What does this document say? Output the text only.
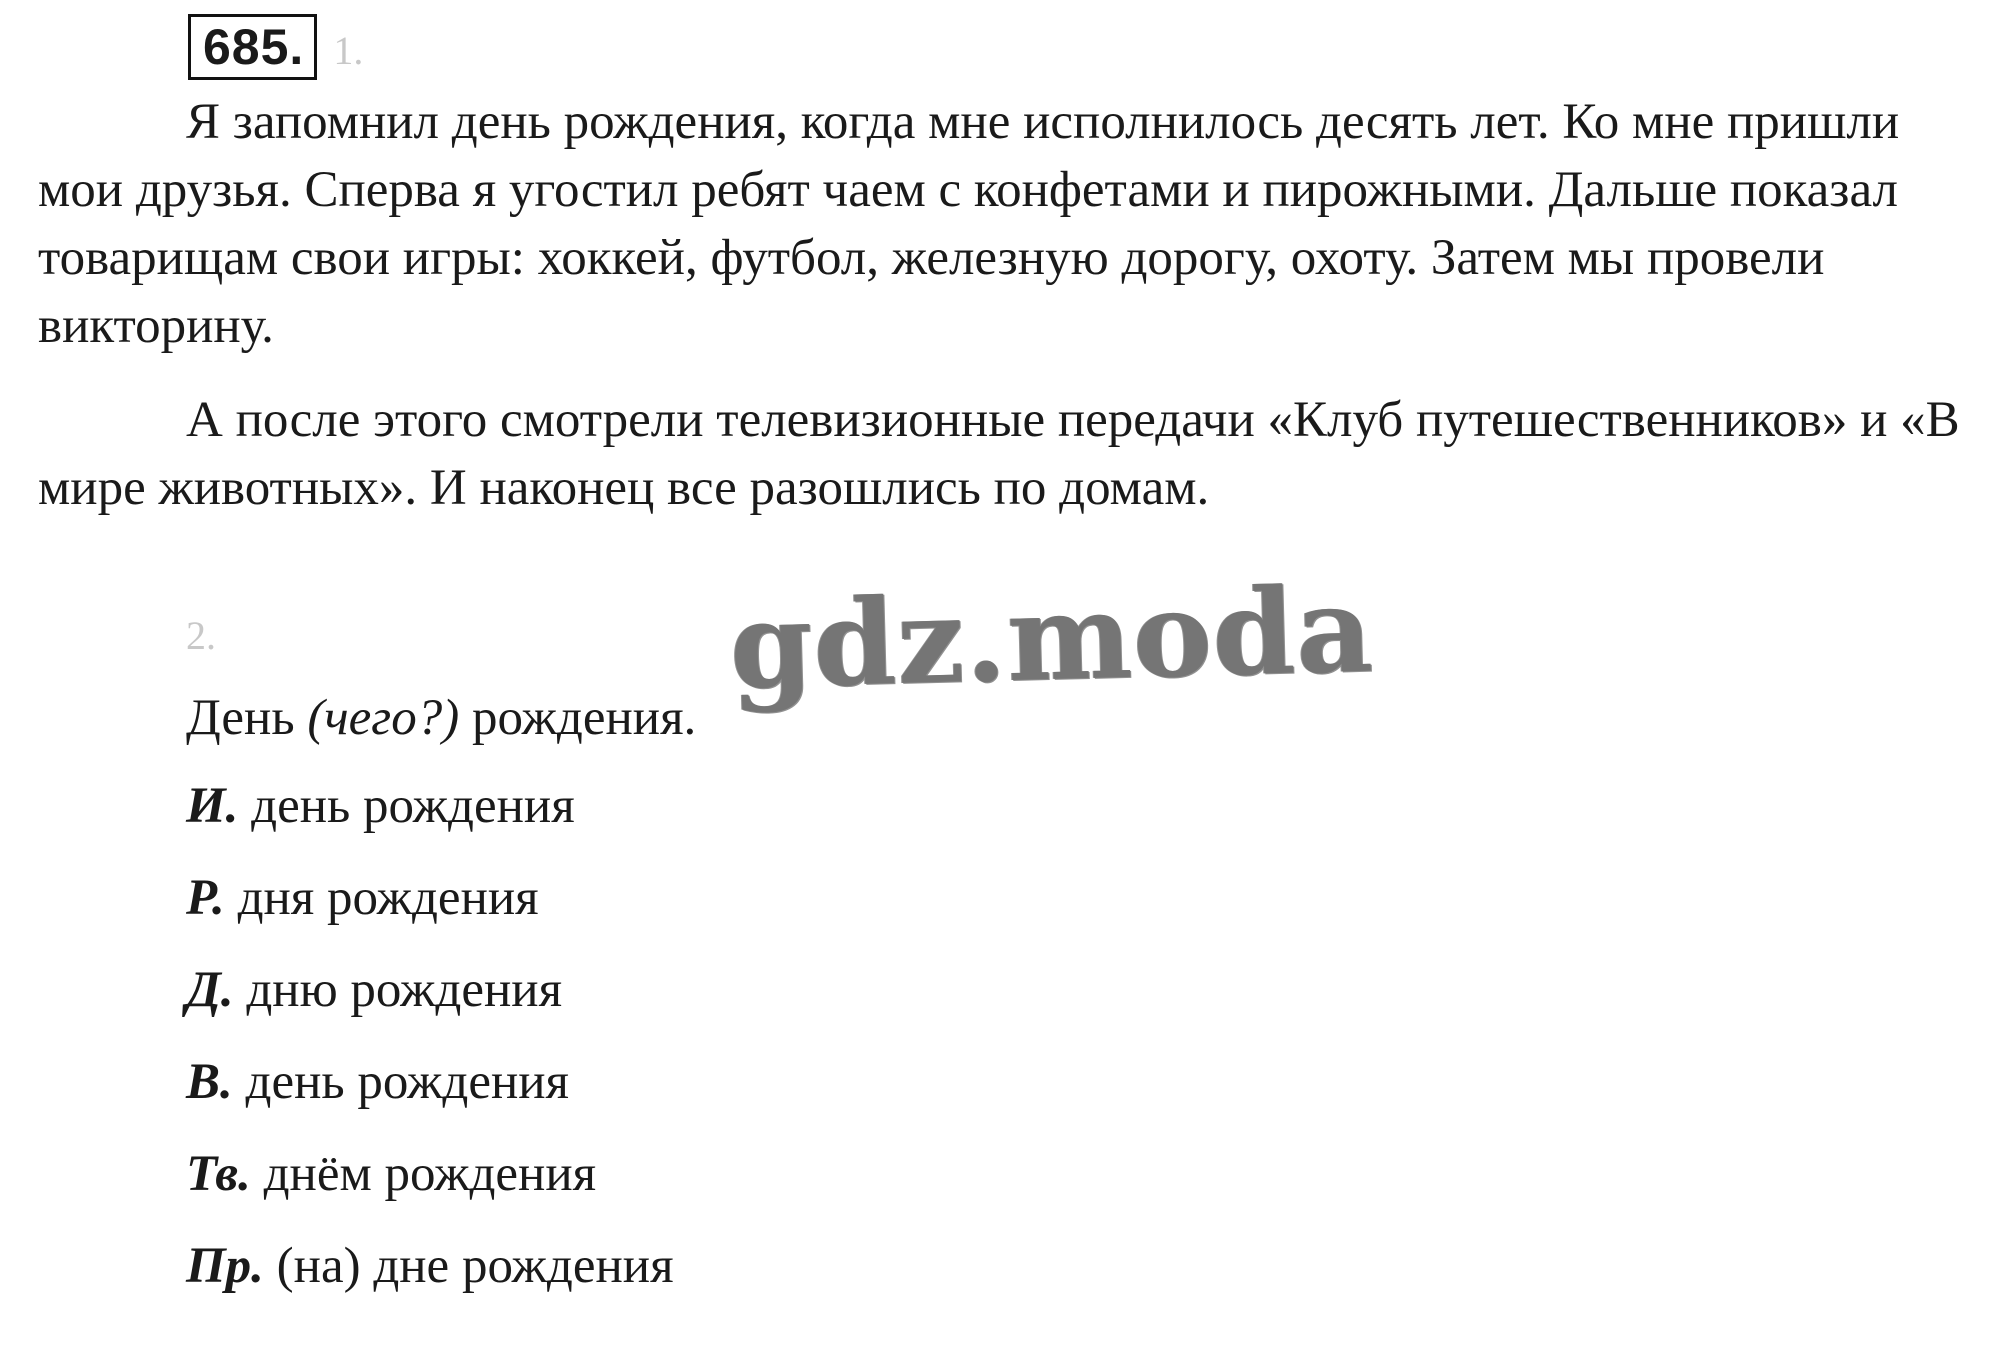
685. 1.

Я запомнил день рождения, когда мне исполнилось десять лет. Ко мне пришли мои друзья. Сперва я угостил ребят чаем с конфетами и пирожными. Дальше показал товарищам свои игры: хоккей, футбол, железную дорогу, охоту. Затем мы провели викторину.

А после этого смотрели телевизионные передачи «Клуб путешественников» и «В мире животных». И наконец все разошлись по домам.

2.
День (чего?) рождения.
И. день рождения
Р. дня рождения
Д. дню рождения
В. день рождения
Тв. днём рождения
Пр. (на) дне рождения
gdz.moda
